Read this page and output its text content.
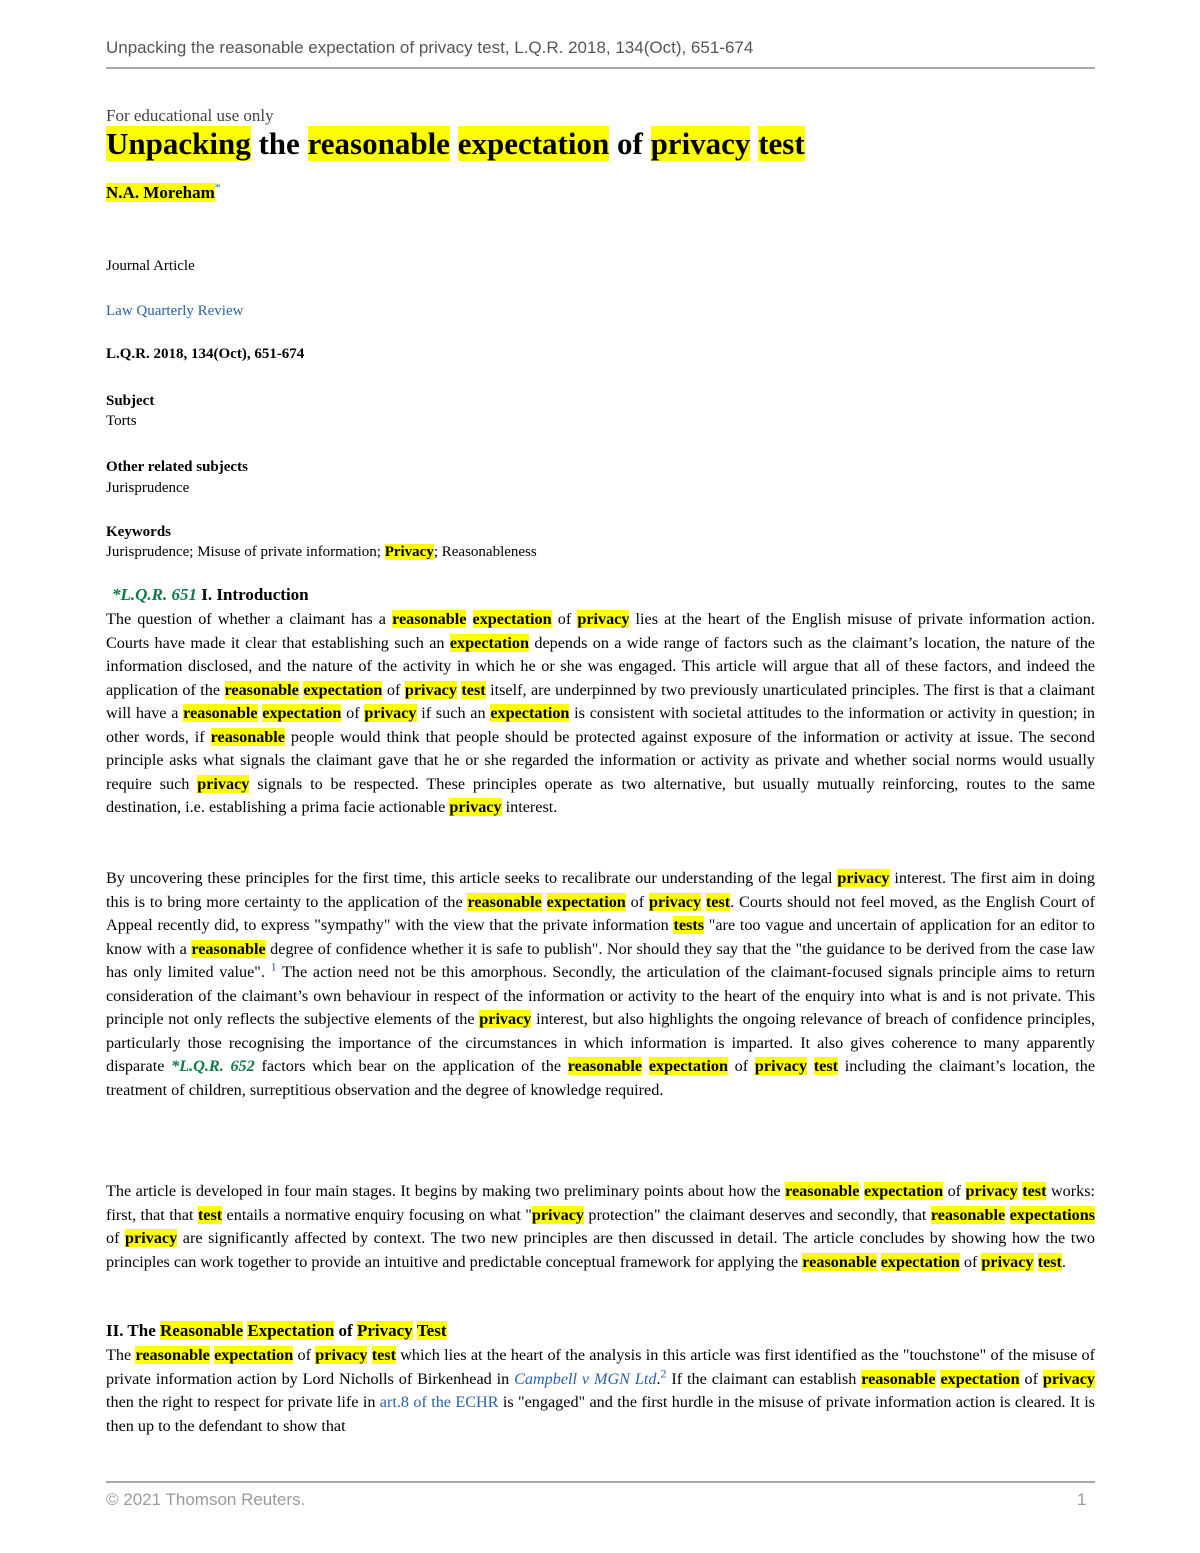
Unpacking the reasonable expectation of privacy test, L.Q.R. 2018, 134(Oct), 651-674
For educational use only
Unpacking the reasonable expectation of privacy test
N.A. Moreham*
Journal Article
Law Quarterly Review
L.Q.R. 2018, 134(Oct), 651-674
Subject
Torts
Other related subjects
Jurisprudence
Keywords
Jurisprudence; Misuse of private information; Privacy; Reasonableness
*L.Q.R. 651 I. Introduction

The question of whether a claimant has a reasonable expectation of privacy lies at the heart of the English misuse of private information action. Courts have made it clear that establishing such an expectation depends on a wide range of factors such as the claimant’s location, the nature of the information disclosed, and the nature of the activity in which he or she was engaged. This article will argue that all of these factors, and indeed the application of the reasonable expectation of privacy test itself, are underpinned by two previously unarticulated principles. The first is that a claimant will have a reasonable expectation of privacy if such an expectation is consistent with societal attitudes to the information or activity in question; in other words, if reasonable people would think that people should be protected against exposure of the information or activity at issue. The second principle asks what signals the claimant gave that he or she regarded the information or activity as private and whether social norms would usually require such privacy signals to be respected. These principles operate as two alternative, but usually mutually reinforcing, routes to the same destination, i.e. establishing a prima facie actionable privacy interest.

By uncovering these principles for the first time, this article seeks to recalibrate our understanding of the legal privacy interest. The first aim in doing this is to bring more certainty to the application of the reasonable expectation of privacy test. Courts should not feel moved, as the English Court of Appeal recently did, to express "sympathy" with the view that the private information tests "are too vague and uncertain of application for an editor to know with a reasonable degree of confidence whether it is safe to publish". Nor should they say that the "the guidance to be derived from the case law has only limited value". $^1$ The action need not be this amorphous. Secondly, the articulation of the claimant-focused signals principle aims to return consideration of the claimant’s own behaviour in respect of the information or activity to the heart of the enquiry into what is and is not private. This principle not only reflects the subjective elements of the privacy interest, but also highlights the ongoing relevance of breach of confidence principles, particularly those recognising the importance of the circumstances in which information is imparted. It also gives coherence to many apparently disparate *L.Q.R. 652 factors which bear on the application of the reasonable expectation of privacy test including the claimant’s location, the treatment of children, surreptitious observation and the degree of knowledge required.

The article is developed in four main stages. It begins by making two preliminary points about how the reasonable expectation of privacy test works: first, that that test entails a normative enquiry focusing on what "privacy protection" the claimant deserves and secondly, that reasonable expectations of privacy are significantly affected by context. The two new principles are then discussed in detail. The article concludes by showing how the two principles can work together to provide an intuitive and predictable conceptual framework for applying the reasonable expectation of privacy test.

II. The Reasonable Expectation of Privacy Test

The reasonable expectation of privacy test which lies at the heart of the analysis in this article was first identified as the "touchstone" of the misuse of private information action by Lord Nicholls of Birkenhead in Campbell v MGN Ltd.$^2$ If the claimant can establish reasonable expectation of privacy then the right to respect for private life in art.8 of the ECHR is "engaged" and the first hurdle in the misuse of private information action is cleared. It is then up to the defendant to show that

© 2021 Thomson Reuters.	1
